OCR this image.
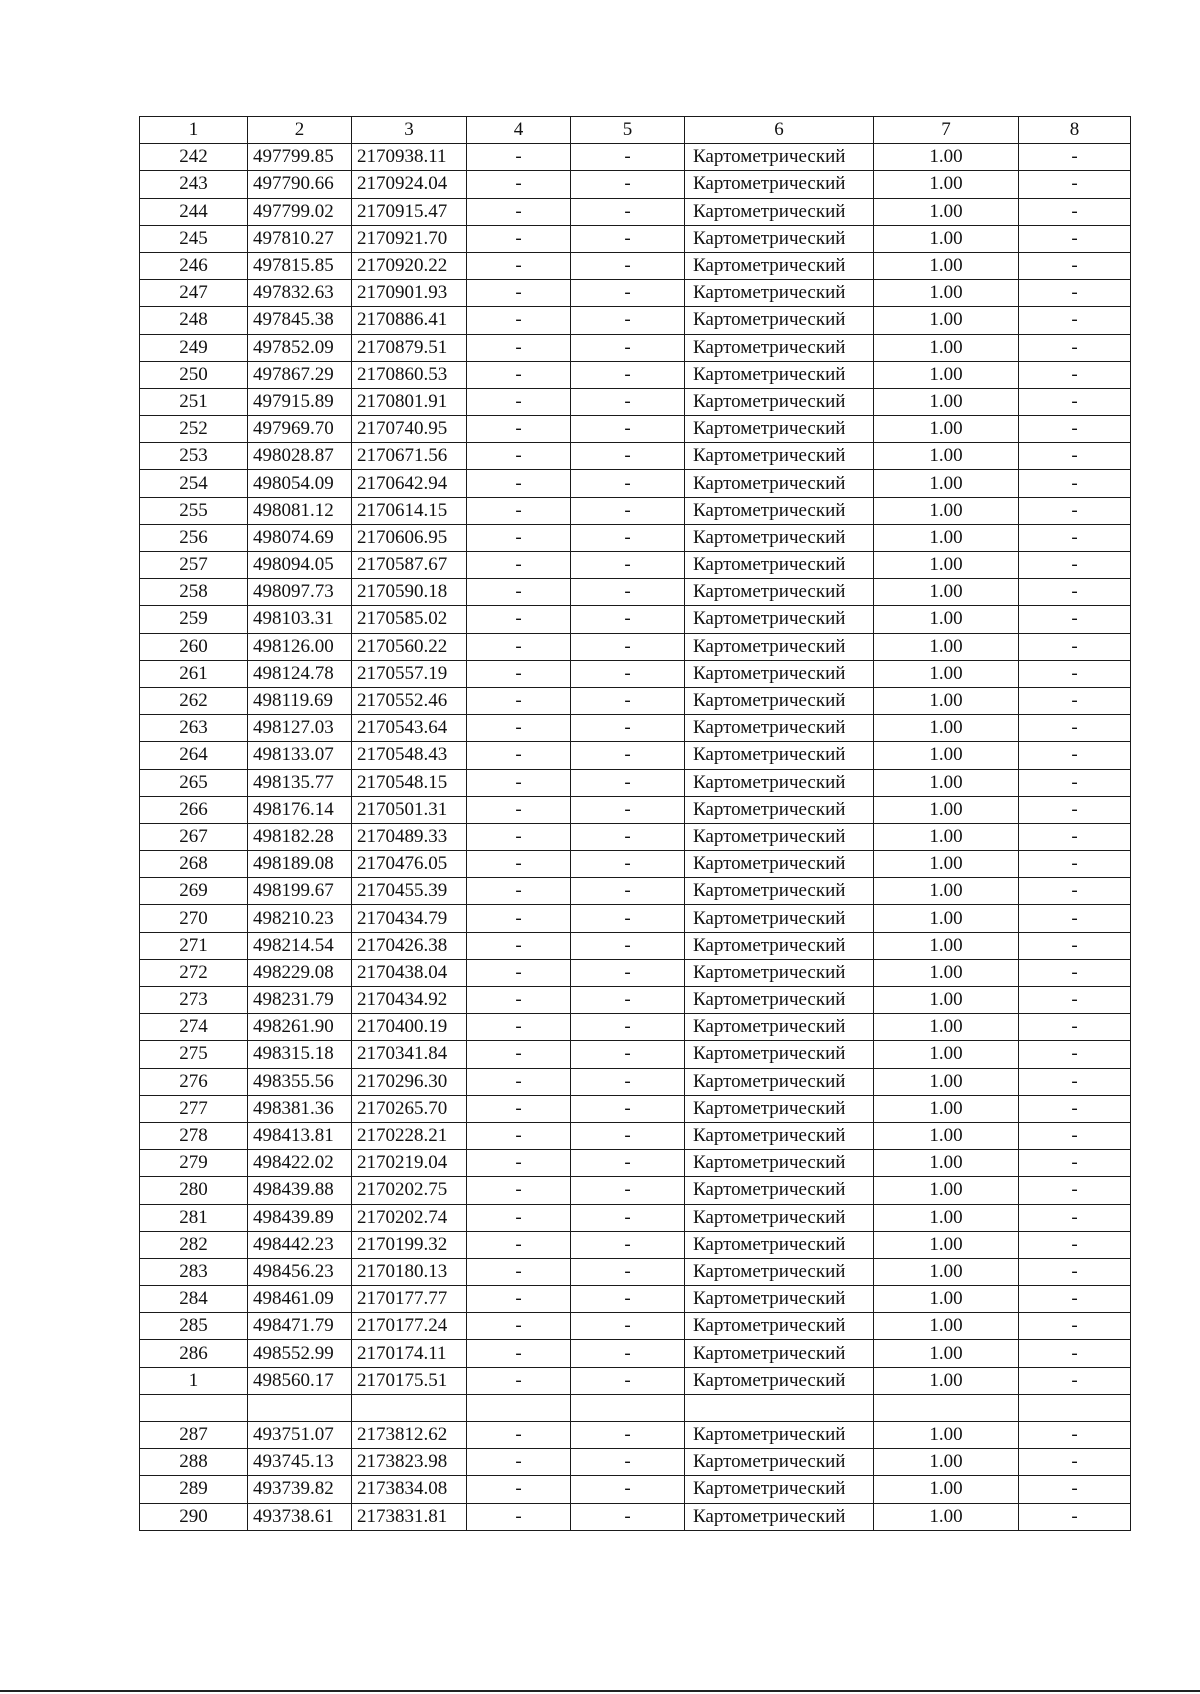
1	2	3	4	5	6	7	8
242	497799.85	2170938.11	-	-	Картометрический	1.00	-
243	497790.66	2170924.04	-	-	Картометрический	1.00	-
244	497799.02	2170915.47	-	-	Картометрический	1.00	-
245	497810.27	2170921.70	-	-	Картометрический	1.00	-
246	497815.85	2170920.22	-	-	Картометрический	1.00	-
247	497832.63	2170901.93	-	-	Картометрический	1.00	-
248	497845.38	2170886.41	-	-	Картометрический	1.00	-
249	497852.09	2170879.51	-	-	Картометрический	1.00	-
250	497867.29	2170860.53	-	-	Картометрический	1.00	-
251	497915.89	2170801.91	-	-	Картометрический	1.00	-
252	497969.70	2170740.95	-	-	Картометрический	1.00	-
253	498028.87	2170671.56	-	-	Картометрический	1.00	-
254	498054.09	2170642.94	-	-	Картометрический	1.00	-
255	498081.12	2170614.15	-	-	Картометрический	1.00	-
256	498074.69	2170606.95	-	-	Картометрический	1.00	-
257	498094.05	2170587.67	-	-	Картометрический	1.00	-
258	498097.73	2170590.18	-	-	Картометрический	1.00	-
259	498103.31	2170585.02	-	-	Картометрический	1.00	-
260	498126.00	2170560.22	-	-	Картометрический	1.00	-
261	498124.78	2170557.19	-	-	Картометрический	1.00	-
262	498119.69	2170552.46	-	-	Картометрический	1.00	-
263	498127.03	2170543.64	-	-	Картометрический	1.00	-
264	498133.07	2170548.43	-	-	Картометрический	1.00	-
265	498135.77	2170548.15	-	-	Картометрический	1.00	-
266	498176.14	2170501.31	-	-	Картометрический	1.00	-
267	498182.28	2170489.33	-	-	Картометрический	1.00	-
268	498189.08	2170476.05	-	-	Картометрический	1.00	-
269	498199.67	2170455.39	-	-	Картометрический	1.00	-
270	498210.23	2170434.79	-	-	Картометрический	1.00	-
271	498214.54	2170426.38	-	-	Картометрический	1.00	-
272	498229.08	2170438.04	-	-	Картометрический	1.00	-
273	498231.79	2170434.92	-	-	Картометрический	1.00	-
274	498261.90	2170400.19	-	-	Картометрический	1.00	-
275	498315.18	2170341.84	-	-	Картометрический	1.00	-
276	498355.56	2170296.30	-	-	Картометрический	1.00	-
277	498381.36	2170265.70	-	-	Картометрический	1.00	-
278	498413.81	2170228.21	-	-	Картометрический	1.00	-
279	498422.02	2170219.04	-	-	Картометрический	1.00	-
280	498439.88	2170202.75	-	-	Картометрический	1.00	-
281	498439.89	2170202.74	-	-	Картометрический	1.00	-
282	498442.23	2170199.32	-	-	Картометрический	1.00	-
283	498456.23	2170180.13	-	-	Картометрический	1.00	-
284	498461.09	2170177.77	-	-	Картометрический	1.00	-
285	498471.79	2170177.24	-	-	Картометрический	1.00	-
286	498552.99	2170174.11	-	-	Картометрический	1.00	-
1	498560.17	2170175.51	-	-	Картометрический	1.00	-

287	493751.07	2173812.62	-	-	Картометрический	1.00	-
288	493745.13	2173823.98	-	-	Картометрический	1.00	-
289	493739.82	2173834.08	-	-	Картометрический	1.00	-
290	493738.61	2173831.81	-	-	Картометрический	1.00	-
